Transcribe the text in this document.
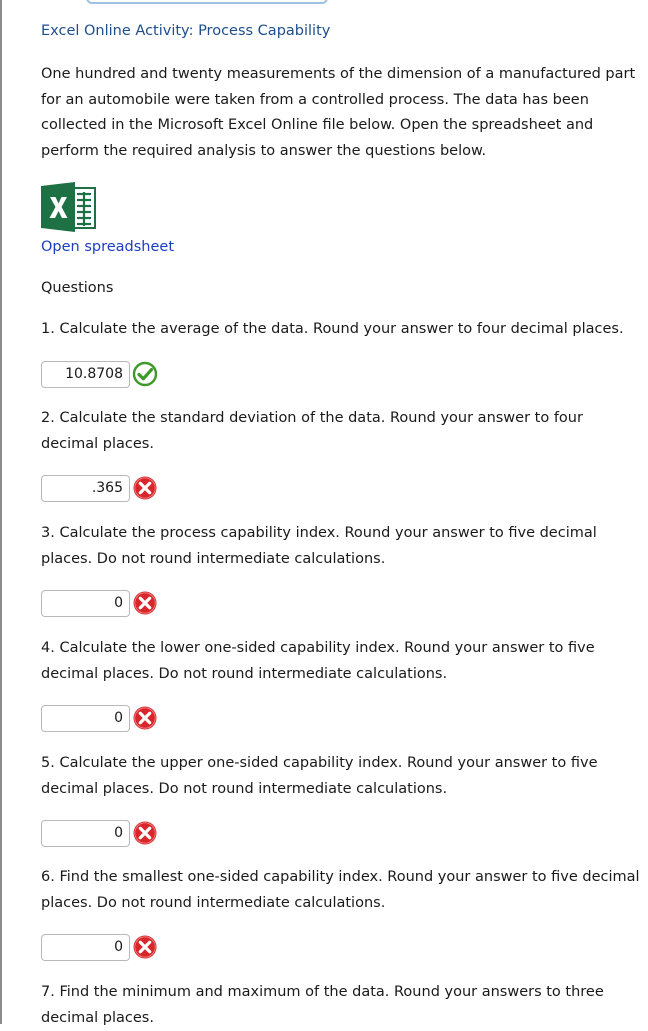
Excel Online Activity: Process Capability
One hundred and twenty measurements of the dimension of a manufactured part for an automobile were taken from a controlled process. The data has been collected in the Microsoft Excel Online file below. Open the spreadsheet and perform the required analysis to answer the questions below.
Open spreadsheet
Questions
1. Calculate the average of the data. Round your answer to four decimal places.
10.8708
2. Calculate the standard deviation of the data. Round your answer to four decimal places.
.365
3. Calculate the process capability index. Round your answer to five decimal places. Do not round intermediate calculations.
0
4. Calculate the lower one-sided capability index. Round your answer to five decimal places. Do not round intermediate calculations.
0
5. Calculate the upper one-sided capability index. Round your answer to five decimal places. Do not round intermediate calculations.
0
6. Find the smallest one-sided capability index. Round your answer to five decimal places. Do not round intermediate calculations.
0
7. Find the minimum and maximum of the data. Round your answers to three decimal places.
